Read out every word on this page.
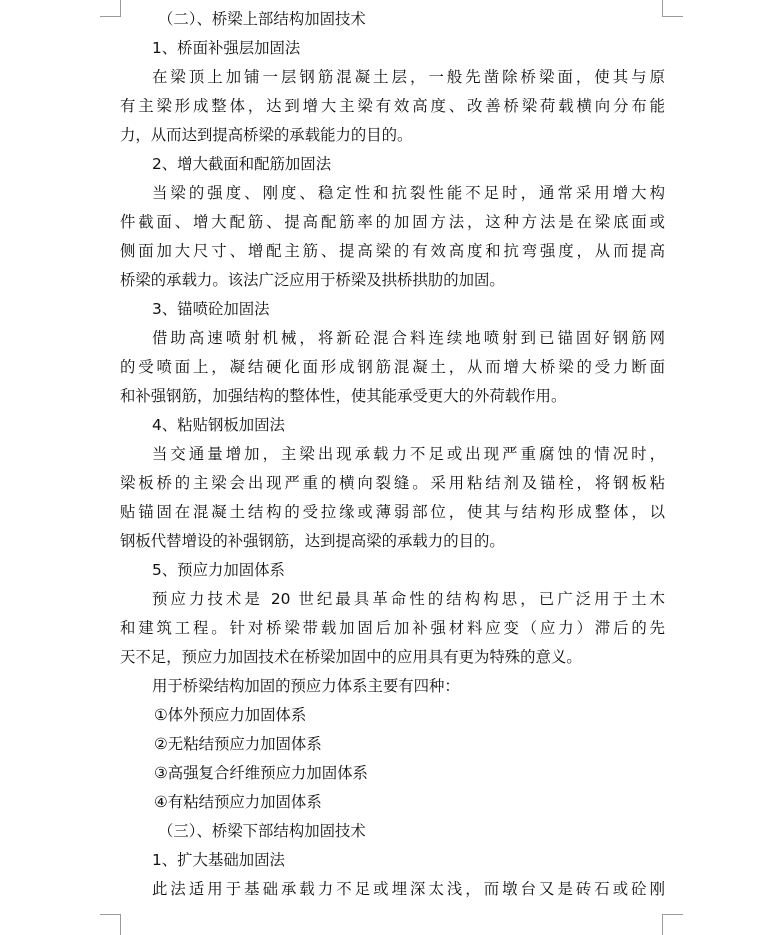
（二）、桥梁上部结构加固技术
1、桥面补强层加固法
在梁顶上加铺一层钢筋混凝土层，一般先凿除桥梁面，使其与原
有主梁形成整体，达到增大主梁有效高度、改善桥梁荷载横向分布能
力，从而达到提高桥梁的承载能力的目的。
2、增大截面和配筋加固法
当梁的强度、刚度、稳定性和抗裂性能不足时，通常采用增大构
件截面、增大配筋、提高配筋率的加固方法，这种方法是在梁底面或
侧面加大尺寸、增配主筋、提高梁的有效高度和抗弯强度，从而提高
桥梁的承载力。该法广泛应用于桥梁及拱桥拱肋的加固。
3、锚喷砼加固法
借助高速喷射机械，将新砼混合料连续地喷射到已锚固好钢筋网
的受喷面上，凝结硬化面形成钢筋混凝土，从而增大桥梁的受力断面
和补强钢筋，加强结构的整体性，使其能承受更大的外荷载作用。
4、粘贴钢板加固法
当交通量增加，主梁出现承载力不足或出现严重腐蚀的情况时，
梁板桥的主梁会出现严重的横向裂缝。采用粘结剂及锚栓，将钢板粘
贴锚固在混凝土结构的受拉缘或薄弱部位，使其与结构形成整体，以
钢板代替增设的补强钢筋，达到提高梁的承载力的目的。
5、预应力加固体系
预应力技术是 20 世纪最具革命性的结构构思，已广泛用于土木
和建筑工程。针对桥梁带载加固后加补强材料应变（应力）滞后的先
天不足，预应力加固技术在桥梁加固中的应用具有更为特殊的意义。
用于桥梁结构加固的预应力体系主要有四种：
①体外预应力加固体系
②无粘结预应力加固体系
③高强复合纤维预应力加固体系
④有粘结预应力加固体系
（三）、桥梁下部结构加固技术
1、扩大基础加固法
此法适用于基础承载力不足或埋深太浅，而墩台又是砖石或砼刚
